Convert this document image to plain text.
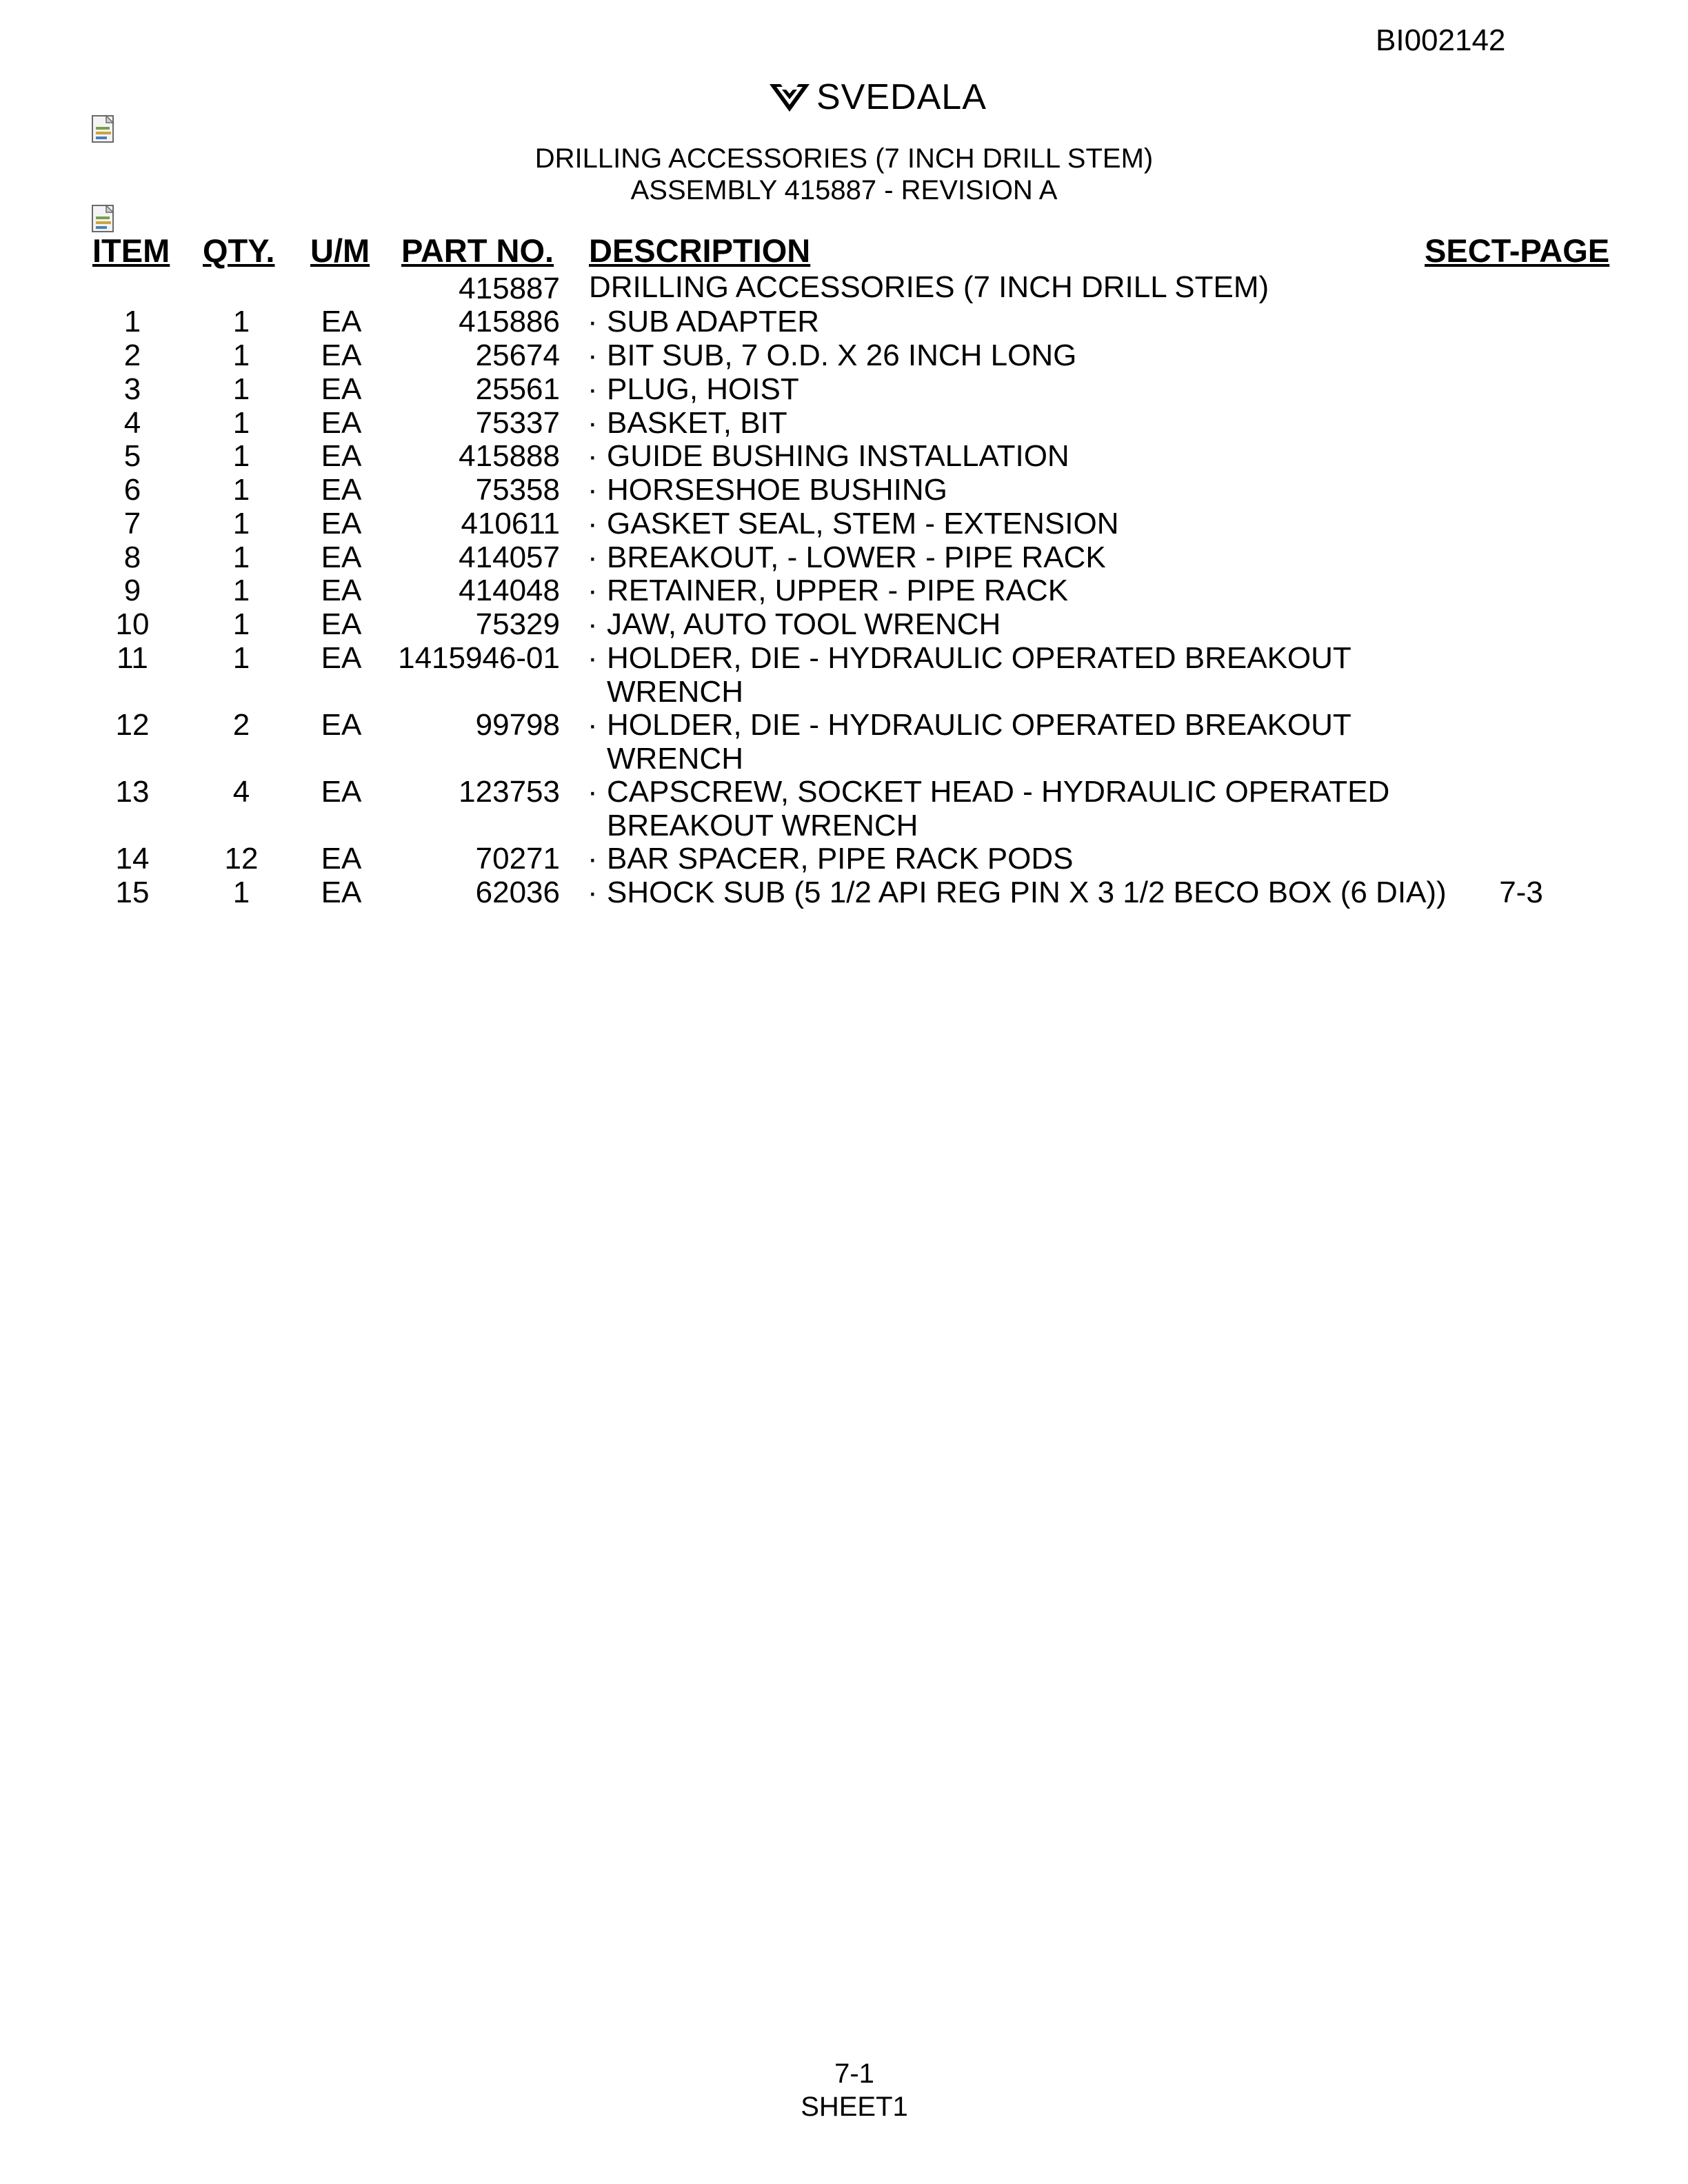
BI002142
SVEDALA
DRILLING ACCESSORIES (7 INCH DRILL STEM)
ASSEMBLY 415887 - REVISION A
ITEM QTY. U/M PART NO. DESCRIPTION	SECT-PAGE
415887 DRILLING ACCESSORIES (7 INCH DRILL STEM)
1	1	EA	415886 · SUB ADAPTER
2	1	EA	25674 · BIT SUB, 7 O.D. X 26 INCH LONG
3	1	EA	25561 · PLUG, HOIST
4	1	EA	75337 · BASKET, BIT
5	1	EA	415888 · GUIDE BUSHING INSTALLATION
6	1	EA	75358 · HORSESHOE BUSHING
7	1	EA	410611 · GASKET SEAL, STEM - EXTENSION
8	1	EA	414057 · BREAKOUT, - LOWER - PIPE RACK
9	1	EA	414048 · RETAINER, UPPER - PIPE RACK
10	1	EA	75329 · JAW, AUTO TOOL WRENCH
11	1	EA	1415946-01 · HOLDER, DIE - HYDRAULIC OPERATED BREAKOUT WRENCH
12	2	EA	99798 · HOLDER, DIE - HYDRAULIC OPERATED BREAKOUT WRENCH
13	4	EA	123753 · CAPSCREW, SOCKET HEAD - HYDRAULIC OPERATED BREAKOUT WRENCH
14	12	EA	70271 · BAR SPACER, PIPE RACK PODS
15	1	EA	62036 · SHOCK SUB (5 1/2 API REG PIN X 3 1/2 BECO BOX (6 DIA))	7-3
7-1
SHEET1
